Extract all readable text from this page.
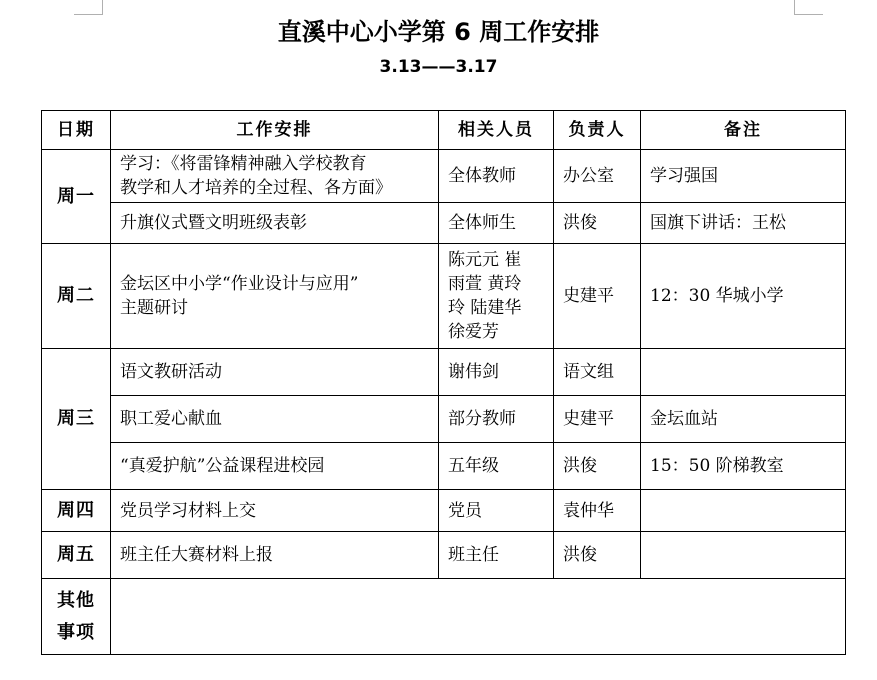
直溪中心小学第 6 周工作安排
3.13——3.17
日期	工作安排	相关人员	负责人	备注
周一	学习：《将雷锋精神融入学校教育
教学和人才培养的全过程、各方面》	全体教师	办公室	学习强国
	升旗仪式暨文明班级表彰	全体师生	洪俊	国旗下讲话：王松
周二	金坛区中小学“作业设计与应用”
主题研讨	陈元元 崔
雨萱 黄玲
玲 陆建华
徐爱芳	史建平	12：30 华城小学
周三	语文教研活动	谢伟剑	语文组	
	职工爱心献血	部分教师	史建平	金坛血站
	“真爱护航”公益课程进校园	五年级	洪俊	15：50 阶梯教室
周四	党员学习材料上交	党员	袁仲华	
周五	班主任大赛材料上报	班主任	洪俊	

其他
事项				
